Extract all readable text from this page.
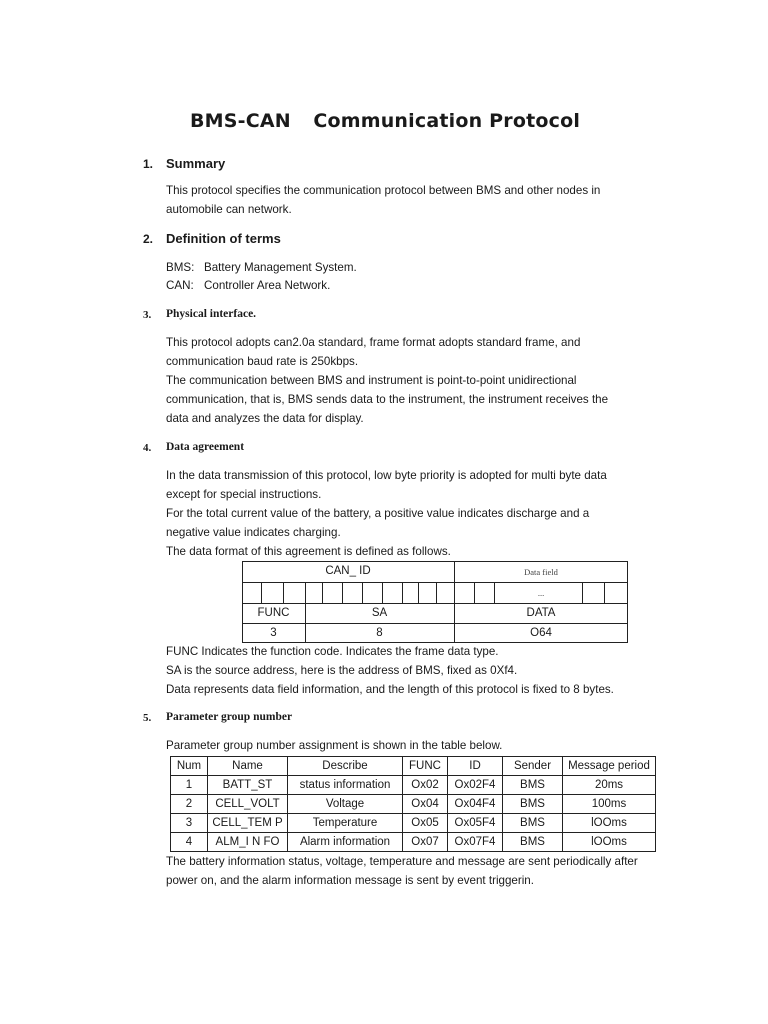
BMS-CAN Communication Protocol
1. Summary
This protocol specifies the communication protocol between BMS and other nodes in
automobile can network.
2. Definition of terms
BMS: Battery Management System.
CAN: Controller Area Network.
3. Physical interface.
This protocol adopts can2.0a standard, frame format adopts standard frame, and
communication baud rate is 250kbps.
The communication between BMS and instrument is point-to-point unidirectional
communication, that is, BMS sends data to the instrument, the instrument receives the
data and analyzes the data for display.
4. Data agreement
In the data transmission of this protocol, low byte priority is adopted for multi byte data
except for special instructions.
For the total current value of the battery, a positive value indicates discharge and a
negative value indicates charging.
The data format of this agreement is defined as follows.
CAN_ ID	Data field
...
FUNC	SA	DATA
3	8	O64
FUNC Indicates the function code. Indicates the frame data type.
SA is the source address, here is the address of BMS, fixed as 0Xf4.
Data represents data field information, and the length of this protocol is fixed to 8 bytes.
5. Parameter group number
Parameter group number assignment is shown in the table below.
Num	Name	Describe	FUNC	ID	Sender	Message period
1	BATT_ST	status information	Ox02	Ox02F4	BMS	20ms
2	CELL_VOLT	Voltage	Ox04	Ox04F4	BMS	100ms
3	CELL_TEM P	Temperature	Ox05	Ox05F4	BMS	lOOms
4	ALM_I N FO	Alarm information	Ox07	Ox07F4	BMS	lOOms
The battery information status, voltage, temperature and message are sent periodically after
power on, and the alarm information message is sent by event triggerin.
